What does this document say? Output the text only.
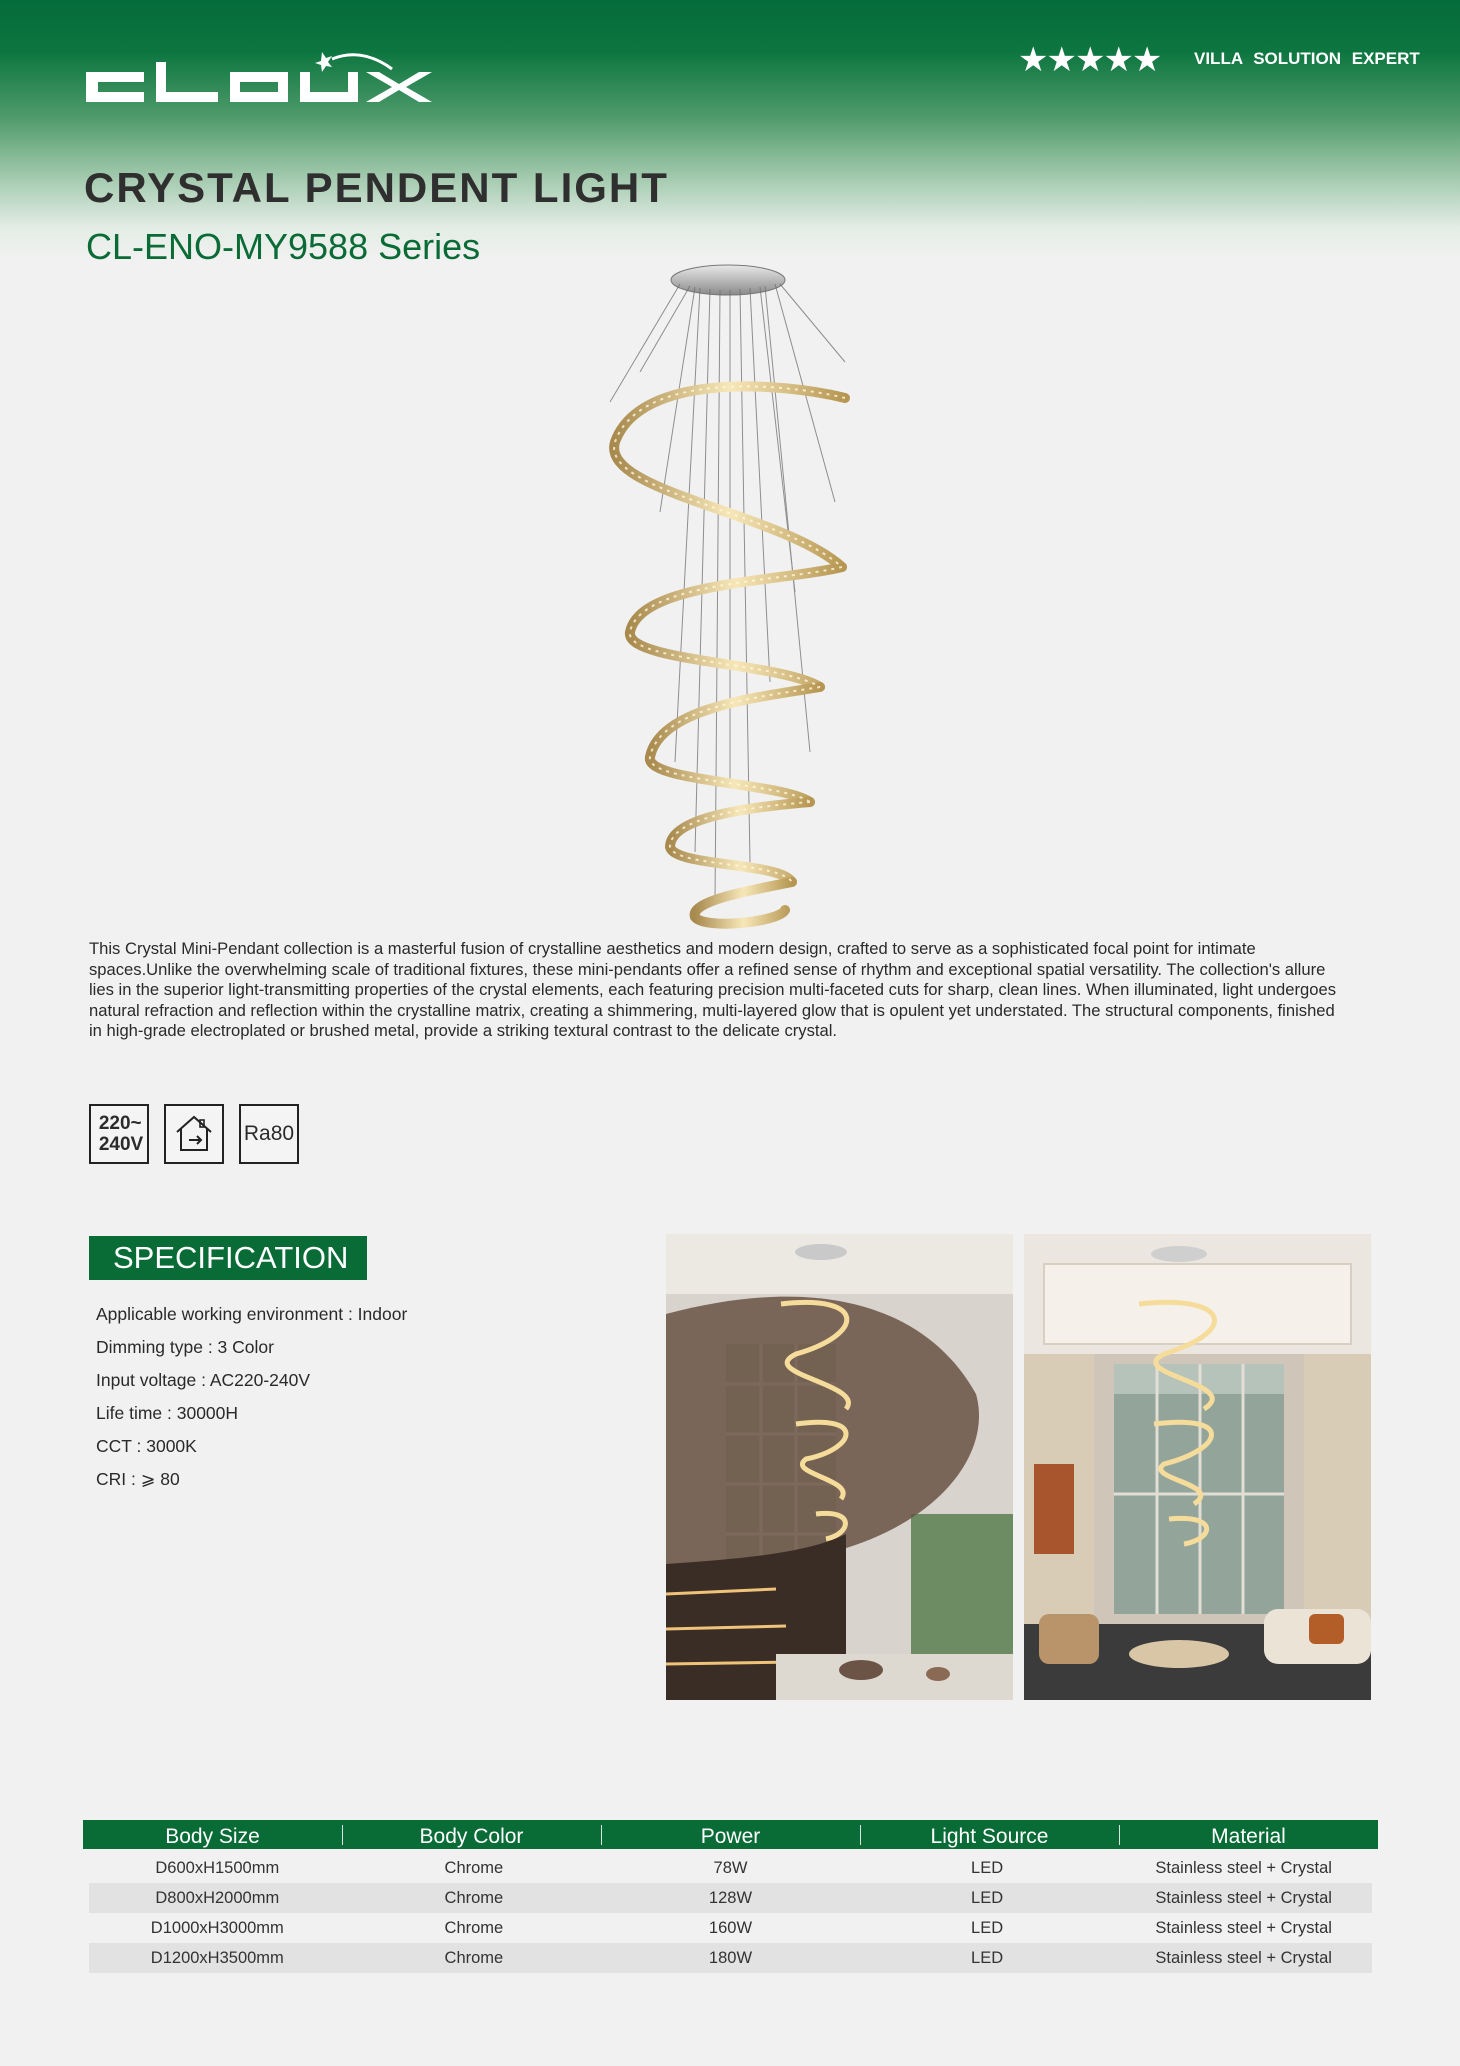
★★★★★ VILLA SOLUTION EXPERT
CRYSTAL PENDENT LIGHT
CL-ENO-MY9588 Series
This Crystal Mini-Pendant collection is a masterful fusion of crystalline aesthetics and modern design, crafted to serve as a sophisticated focal point for intimate spaces.Unlike the overwhelming scale of traditional fixtures, these mini-pendants offer a refined sense of rhythm and exceptional spatial versatility. The collection's allure lies in the superior light-transmitting properties of the crystal elements, each featuring precision multi-faceted cuts for sharp, clean lines. When illuminated, light undergoes natural refraction and reflection within the crystalline matrix, creating a shimmering, multi-layered glow that is opulent yet understated. The structural components, finished in high-grade electroplated or brushed metal, provide a striking textural contrast to the delicate crystal.
220~
240V	Ra80
SPECIFICATION
Applicable working environment : Indoor
Dimming type : 3 Color
Input voltage : AC220-240V
Life time : 30000H
CCT : 3000K
CRI : ⩾ 80
Body Size	Body Color	Power	Light Source	Material
D600xH1500mm	Chrome	78W	LED	Stainless steel + Crystal
D800xH2000mm	Chrome	128W	LED	Stainless steel + Crystal
D1000xH3000mm	Chrome	160W	LED	Stainless steel + Crystal
D1200xH3500mm	Chrome	180W	LED	Stainless steel + Crystal
